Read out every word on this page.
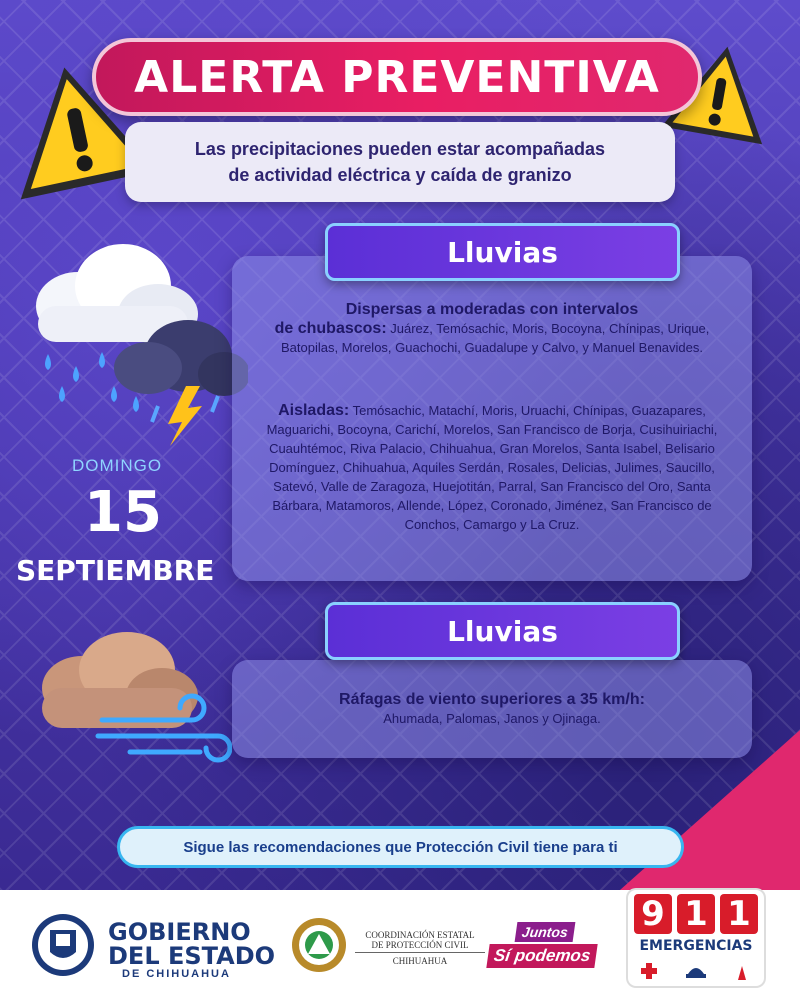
ALERTA PREVENTIVA
Las precipitaciones pueden estar acompañadas
de actividad eléctrica y caída de granizo
DOMINGO
15
SEPTIEMBRE
Dispersas a moderadas con intervalos
de chubascos: Juárez, Temósachic, Moris, Bocoyna, Chínipas, Urique, Batopilas, Morelos, Guachochi, Guadalupe y Calvo, y Manuel Benavides.
Aisladas: Temósachic, Matachí, Moris, Uruachi, Chínipas, Guazapares, Maguarichi, Bocoyna, Carichí, Morelos, San Francisco de Borja, Cusihuiriachi, Cuauhtémoc, Riva Palacio, Chihuahua, Gran Morelos, Santa Isabel, Belisario Domínguez, Chihuahua, Aquiles Serdán, Rosales, Delicias, Julimes, Saucillo, Satevó, Valle de Zaragoza, Huejotitán, Parral, San Francisco del Oro, Santa Bárbara, Matamoros, Allende, López, Coronado, Jiménez, San Francisco de Conchos, Camargo y La Cruz.
Lluvias
Ráfagas de viento superiores a 35 km/h:
Ahumada, Palomas, Janos y Ojinaga.
Lluvias
Sigue las recomendaciones que Protección Civil tiene para ti
GOBIERNO
DEL ESTADO
DE CHIHUAHUA
COORDINACIÓN ESTATAL
DE PROTECCIÓN CIVIL
CHIHUAHUA
Juntos
Sí podemos
9 1 1
EMERGENCIAS
